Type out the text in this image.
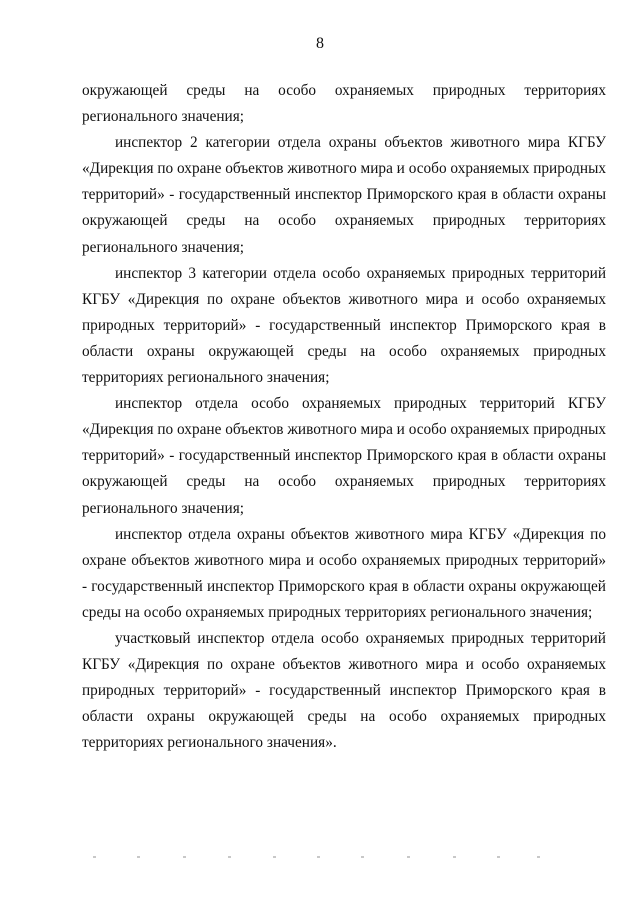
8
окружающей среды на особо охраняемых природных территориях
регионального значения;
инспектор 2 категории отдела охраны объектов животного мира КГБУ
«Дирекция по охране объектов животного мира и особо охраняемых природных
территорий» - государственный инспектор Приморского края в области охраны
окружающей среды на особо охраняемых природных территориях
регионального значения;
инспектор 3 категории отдела особо охраняемых природных территорий
КГБУ «Дирекция по охране объектов животного мира и особо охраняемых
природных территорий» - государственный инспектор Приморского края в
области охраны окружающей среды на особо охраняемых природных
территориях регионального значения;
инспектор отдела особо охраняемых природных территорий КГБУ
«Дирекция по охране объектов животного мира и особо охраняемых природных
территорий» - государственный инспектор Приморского края в области охраны
окружающей среды на особо охраняемых природных территориях
регионального значения;
инспектор отдела охраны объектов животного мира КГБУ «Дирекция по
охране объектов животного мира и особо охраняемых природных территорий»
- государственный инспектор Приморского края в области охраны окружающей
среды на особо охраняемых природных территориях регионального значения;
участковый инспектор отдела особо охраняемых природных территорий
КГБУ «Дирекция по охране объектов животного мира и особо охраняемых
природных территорий» - государственный инспектор Приморского края в
области охраны окружающей среды на особо охраняемых природных
территориях регионального значения».
